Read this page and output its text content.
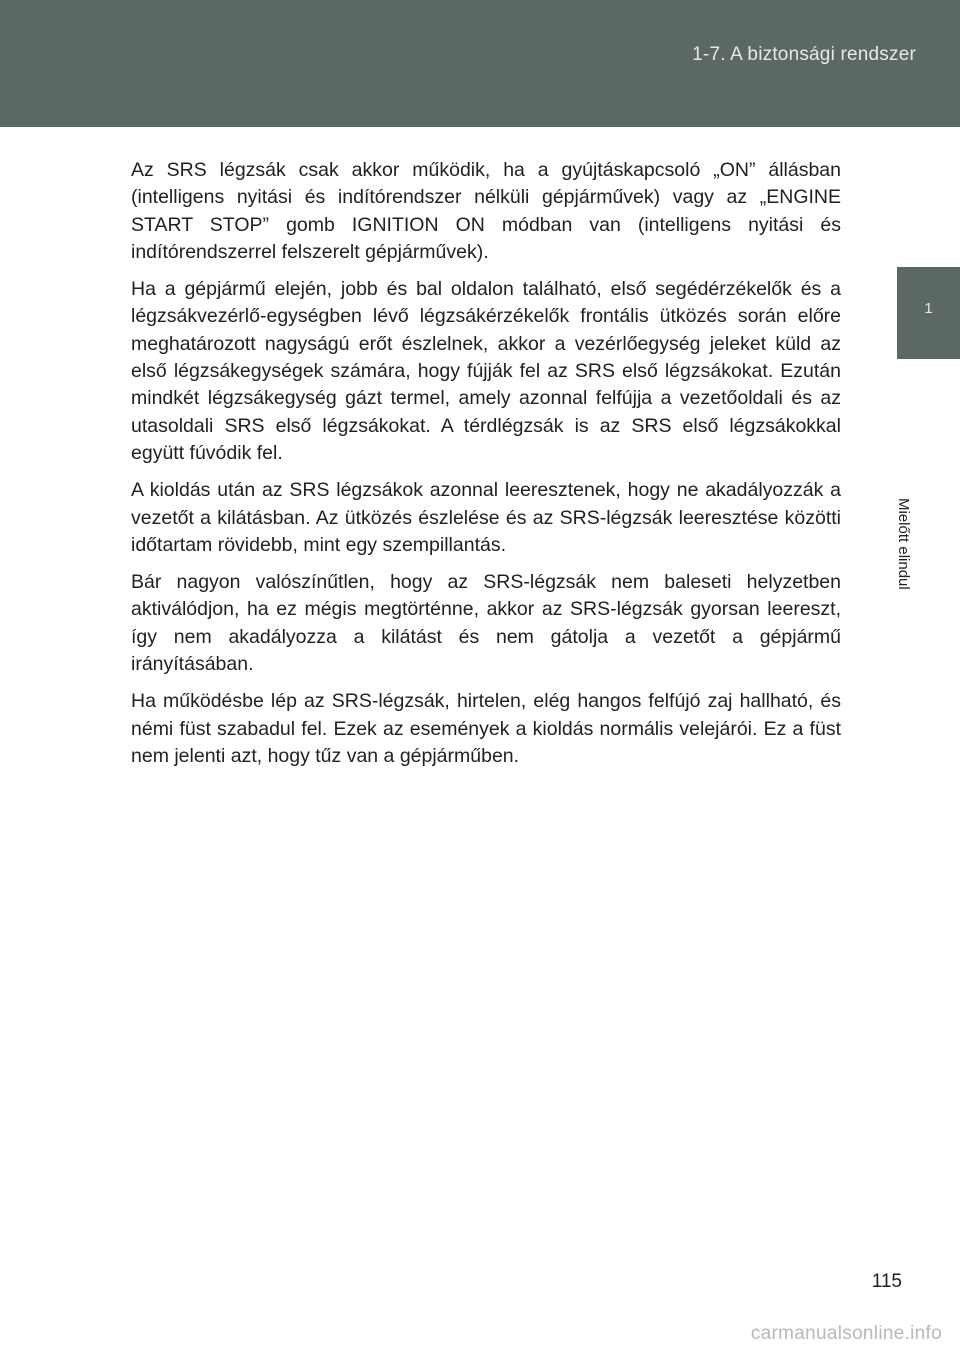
1-7. A biztonsági rendszer
1
Mielőtt elindul

Az SRS légzsák csak akkor működik, ha a gyújtáskapcsoló „ON” állásban (intelligens nyitási és indítórendszer nélküli gépjárművek) vagy az „ENGINE START STOP” gomb IGNITION ON módban van (intelligens nyitási és indítórendszerrel felszerelt gépjárművek).

Ha a gépjármű elején, jobb és bal oldalon található, első segédérzékelők és a légzsákvezérlő-egységben lévő légzsákérzékelők frontális ütközés során előre meghatározott nagyságú erőt észlelnek, akkor a vezérlőegység jeleket küld az első légzsákegységek számára, hogy fújják fel az SRS első légzsákokat. Ezután mindkét légzsákegység gázt termel, amely azonnal felfújja a vezetőoldali és az utasoldali SRS első légzsákokat. A térdlégzsák is az SRS első légzsákokkal együtt fúvódik fel.

A kioldás után az SRS légzsákok azonnal leeresztenek, hogy ne akadályozzák a vezetőt a kilátásban. Az ütközés észlelése és az SRS-légzsák leeresztése közötti időtartam rövidebb, mint egy szempillantás.

Bár nagyon valószínűtlen, hogy az SRS-légzsák nem baleseti helyzetben aktiválódjon, ha ez mégis megtörténne, akkor az SRS-légzsák gyorsan leereszt, így nem akadályozza a kilátást és nem gátolja a vezetőt a gépjármű irányításában.

Ha működésbe lép az SRS-légzsák, hirtelen, elég hangos felfújó zaj hallható, és némi füst szabadul fel. Ezek az események a kioldás normális velejárói. Ez a füst nem jelenti azt, hogy tűz van a gépjárműben.

115
carmanualsonline.info
